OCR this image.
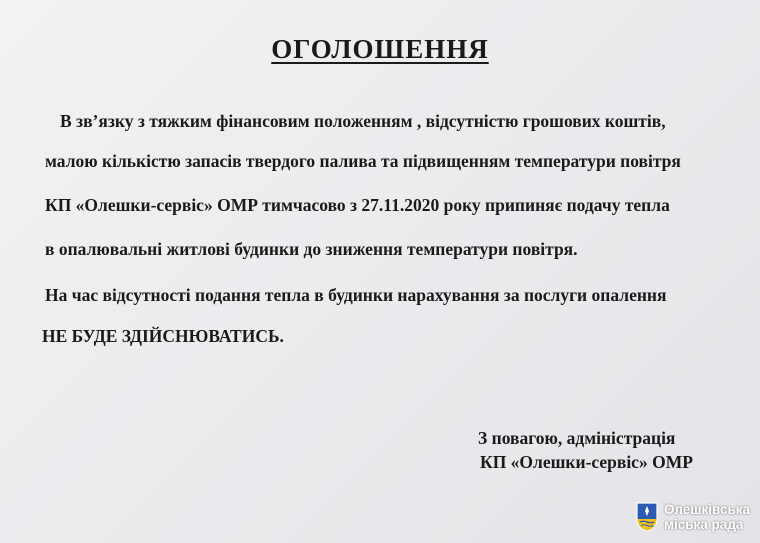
ОГОЛОШЕННЯ
В зв’язку з тяжким фінансовим положенням , відсутністю грошових коштів,
малою кількістю запасів твердого палива та підвищенням температури повітря
КП «Олешки-сервіс» ОМР тимчасово з 27.11.2020 року припиняє подачу тепла
в опалювальні житлові будинки до зниження температури повітря.
На час відсутності подання тепла в будинки нарахування за послуги опалення
НЕ БУДЕ ЗДІЙСНЮВАТИСЬ.
З повагою, адміністрація
КП «Олешки-сервіс» ОМР
Олешківська
міська рада
